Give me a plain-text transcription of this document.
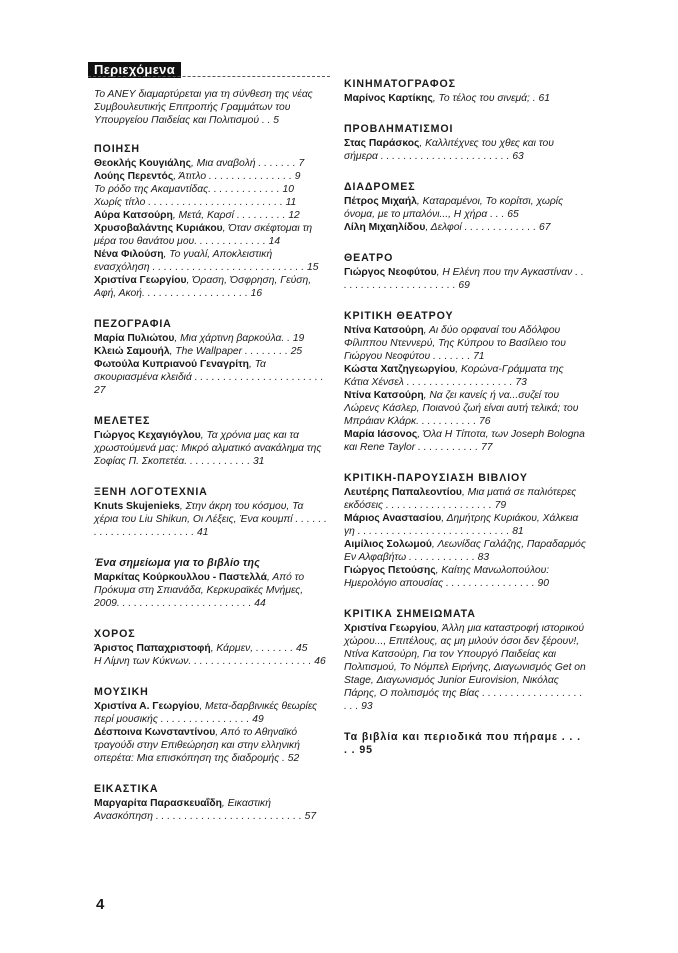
Περιεχόμενα
Το ΑΝΕΥ διαμαρτύρεται για τη σύνθεση της νέας Συμβουλευτικής Επιτροπής Γραμμάτων του Υπουργείου Παιδείας και Πολιτισμού . . 5
ΠΟΙΗΣΗ
Θεοκλής Κουγιάλης, Μια αναβολή . . . . . . . 7
Λούης Περεντός, Άτιτλο . . . . . . . . . . . . . . . 9
Το ρόδο της Ακαμαντίδας. . . . . . . . . . . . . 10
Χωρίς τίτλο . . . . . . . . . . . . . . . . . . . . . . . . 11
Αύρα Κατσούρη, Μετά, Καρσί . . . . . . . . . 12
Χρυσοβαλάντης Κυριάκου, Όταν σκέφτομαι τη μέρα του θανάτου μου. . . . . . . . . . . . . 14
Νένα Φιλούση, Το γυαλί, Αποκλειστική ενασχόληση . . . . . . . . . . . . . . . . . . . . . . . . . . . 15
Χριστίνα Γεωργίου, Όραση, Όσφρηση, Γεύση, Αφή, Ακοή. . . . . . . . . . . . . . . . . . . 16
ΠΕΖΟΓΡΑΦΙΑ
Μαρία Πυλιώτου, Μια χάρτινη βαρκούλα. . 19
Κλειώ Σαμουήλ, The Wallpaper . . . . . . . . 25
Φωτούλα Κυπριανού Γεναγρίτη, Τα σκουριασμένα κλειδιά . . . . . . . . . . . . . . . . . . . . . . . 27
ΜΕΛΕΤΕΣ
Γιώργος Κεχαγιόγλου, Τα χρόνια μας και τα χρωστούμενά μας: Μικρό αλματικό ανακάλημα της Σοφίας Π. Σκοπετέα. . . . . . . . . . . . 31
ΞΕΝΗ ΛΟΓΟΤΕΧΝΙΑ
Knuts Skujenieks, Στην άκρη του κόσμου, Τα χέρια του Liu Shikun, Οι Λέξεις, Ένα κουμπί . . . . . . . . . . . . . . . . . . . . . . . . 41
Ένα σημείωμα για το βιβλίο της
Μαρκίτας Κούρκουλλου - Παστελλά, Από το Πρόκυμα στη Σπιανάδα, Κερκυραϊκές Μνήμες, 2009. . . . . . . . . . . . . . . . . . . . . . . . 44
ΧΟΡΟΣ
Άριστος Παπαχριστοφή, Κάρμεν, . . . . . . . 45
Η Λίμνη των Κύκνων. . . . . . . . . . . . . . . . . . . . . . 46
ΜΟΥΣΙΚΗ
Χριστίνα Α. Γεωργίου, Μετα-δαρβινικές θεωρίες περί μουσικής . . . . . . . . . . . . . . . . 49
Δέσποινα Κωνσταντίνου, Από το Αθηναϊκό τραγούδι στην Επιθεώρηση και στην ελληνική οπερέτα: Μια επισκόπηση της διαδρομής . 52
ΕΙΚΑΣΤΙΚΑ
Μαργαρίτα Παρασκευαΐδη, Εικαστική Ανασκόπηση . . . . . . . . . . . . . . . . . . . . . . . . . . 57
ΚΙΝΗΜΑΤΟΓΡΑΦΟΣ
Μαρίνος Καρτίκης, Το τέλος του σινεμά; . 61
ΠΡΟΒΛΗΜΑΤΙΣΜΟΙ
Στας Παράσκος, Καλλιτέχνες του χθες και του σήμερα . . . . . . . . . . . . . . . . . . . . . . . 63
ΔΙΑΔΡΟΜΕΣ
Πέτρος Μιχαήλ, Καταραμένοι, Το κορίτσι, χωρίς όνομα, με το μπαλόνι..., Η χήρα . . . 65
Λίλη Μιχαηλίδου, Δελφοί . . . . . . . . . . . . . 67
ΘΕΑΤΡΟ
Γιώργος Νεοφύτου, Η Ελένη που την Αγκαστίναν . . . . . . . . . . . . . . . . . . . . . . 69
ΚΡΙΤΙΚΗ ΘΕΑΤΡΟΥ
Ντίνα Κατσούρη, Αι δύο ορφαναί του Αδόλφου Φίλιππου Ντεννερύ, Της Κύπρου το Βασίλειο του Γιώργου Νεοφύτου . . . . . . . 71
Κώστα Χατζηγεωργίου, Κορώνα-Γράμματα της Κάτια Χένσελ . . . . . . . . . . . . . . . . . . . 73
Ντίνα Κατσούρη, Να ζει κανείς ή να...συζεί του Λώρενς Κάσλερ, Ποιανού ζωή είναι αυτή τελικά; του Μπράιαν Κλάρκ. . . . . . . . . . . 76
Μαρία Ιάσονος, Όλα Η Τίποτα, των Joseph Bologna και Rene Taylor . . . . . . . . . . . 77
ΚΡΙΤΙΚΗ-ΠΑΡΟΥΣΙΑΣΗ ΒΙΒΛΙΟΥ
Λευτέρης Παπαλεοντίου, Μια ματιά σε παλιότερες εκδόσεις . . . . . . . . . . . . . . . . . . . 79
Μάριος Αναστασίου, Δημήτρης Κυριάκου, Χάλκεια γη . . . . . . . . . . . . . . . . . . . . . . . . . . . 81
Αιμίλιος Σολωμού, Λεωνίδας Γαλάζης, Παραδαρμός Εν Αλφαβήτω . . . . . . . . . . . . 83
Γιώργος Πετούσης, Καίτης Μανωλοπούλου: Ημερολόγιο απουσίας . . . . . . . . . . . . . . . . 90
ΚΡΙΤΙΚΑ ΣΗΜΕΙΩΜΑΤΑ
Χριστίνα Γεωργίου, Άλλη μια καταστροφή ιστορικού χώρου..., Επιτέλους, ας μη μιλούν όσοι δεν ξέρουν!, Ντίνα Κατσούρη, Για τον Υπουργό Παιδείας και Πολιτισμού, Το Νόμπελ Ειρήνης, Διαγωνισμός Get on Stage, Διαγωνισμός Junior Eurovision, Νικόλας Πάρης, Ο πολιτισμός της Βίας . . . . . . . . . . . . . . . . . . . . . 93
Τα βιβλία και περιοδικά που πήραμε . . . . . 95
4
